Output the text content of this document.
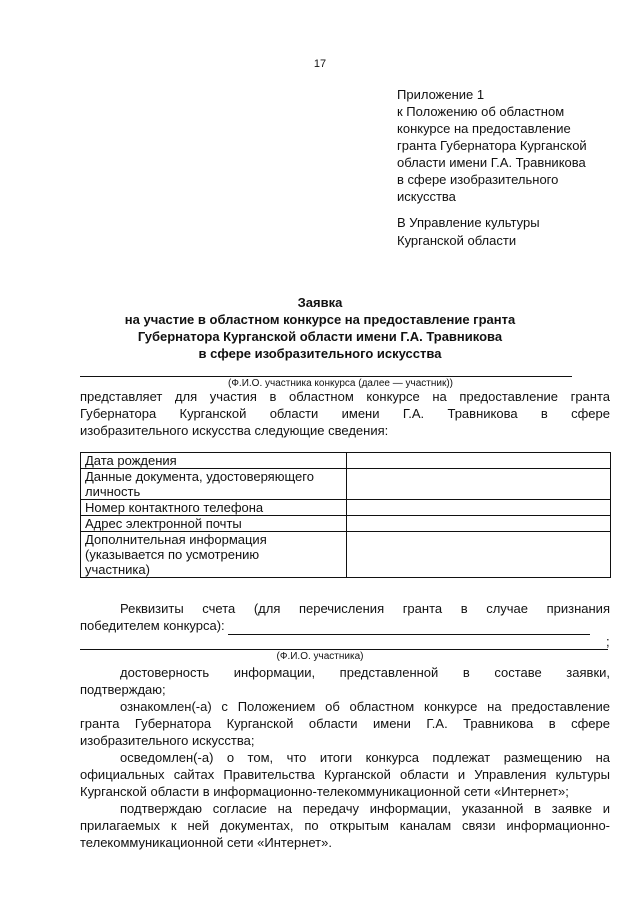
17
Приложение 1
к Положению об областном
конкурсе на предоставление
гранта Губернатора Курганской
области имени Г.А. Травникова
в сфере изобразительного
искусства
В Управление культуры
Курганской области
Заявка
на участие в областном конкурсе на предоставление гранта
Губернатора Курганской области имени Г.А. Травникова
в сфере изобразительного искусства
(Ф.И.О. участника конкурса (далее — участник))
представляет для участия в областном конкурсе на предоставление гранта
Губернатора Курганской области имени Г.А. Травникова в сфере
изобразительного искусства следующие сведения:
Дата рождения	

Данные документа, удостоверяющего
личность	

Номер контактного телефона	

Адрес электронной почты	

Дополнительная информация
(указывается по усмотрению
участника)	

Реквизиты счета (для перечисления гранта в случае признания
победителем конкурса):
;
(Ф.И.О. участника)
достоверность информации, представленной в составе заявки,
подтверждаю;
ознакомлен(-а) с Положением об областном конкурсе на предоставление
гранта Губернатора Курганской области имени Г.А. Травникова в сфере
изобразительного искусства;
осведомлен(-а) о том, что итоги конкурса подлежат размещению на
официальных сайтах Правительства Курганской области и Управления культуры
Курганской области в информационно-телекоммуникационной сети «Интернет»;
подтверждаю согласие на передачу информации, указанной в заявке и
прилагаемых к ней документах, по открытым каналам связи информационно-
телекоммуникационной сети «Интернет».
